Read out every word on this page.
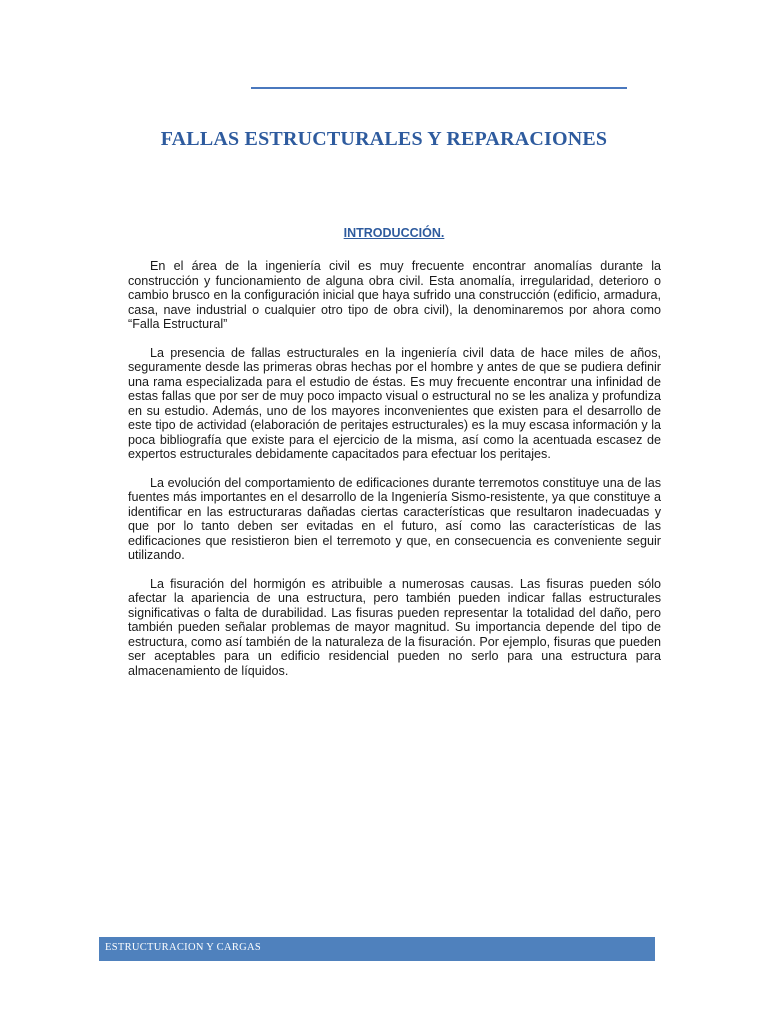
FALLAS ESTRUCTURALES Y REPARACIONES
INTRODUCCIÓN.

En el área de la ingeniería civil es muy frecuente encontrar anomalías durante la construcción y funcionamiento de alguna obra civil. Esta anomalía, irregularidad, deterioro o cambio brusco en la configuración inicial que haya sufrido una construcción (edificio, armadura, casa, nave industrial o cualquier otro tipo de obra civil), la denominaremos por ahora como “Falla Estructural”

La presencia de fallas estructurales en la ingeniería civil data de hace miles de años, seguramente desde las primeras obras hechas por el hombre y antes de que se pudiera definir una rama especializada para el estudio de éstas. Es muy frecuente encontrar una infinidad de estas fallas que por ser de muy poco impacto visual o estructural no se les analiza y profundiza en su estudio. Además, uno de los mayores inconvenientes que existen para el desarrollo de este tipo de actividad (elaboración de peritajes estructurales) es la muy escasa información y la poca bibliografía que existe para el ejercicio de la misma, así como la acentuada escasez de expertos estructurales debidamente capacitados para efectuar los peritajes.

La evolución del comportamiento de edificaciones durante terremotos constituye una de las fuentes más importantes en el desarrollo de la Ingeniería Sismo-resistente, ya que constituye a identificar en las estructuraras dañadas ciertas características que resultaron inadecuadas y que por lo tanto deben ser evitadas en el futuro, así como las características de las edificaciones que resistieron bien el terremoto y que, en consecuencia es conveniente seguir utilizando.

La fisuración del hormigón es atribuible a numerosas causas. Las fisuras pueden sólo afectar la apariencia de una estructura, pero también pueden indicar fallas estructurales significativas o falta de durabilidad. Las fisuras pueden representar la totalidad del daño, pero también pueden señalar problemas de mayor magnitud. Su importancia depende del tipo de estructura, como así también de la naturaleza de la fisuración. Por ejemplo, fisuras que pueden ser aceptables para un edificio residencial pueden no serlo para una estructura para almacenamiento de líquidos.

ESTRUCTURACION Y CARGAS
